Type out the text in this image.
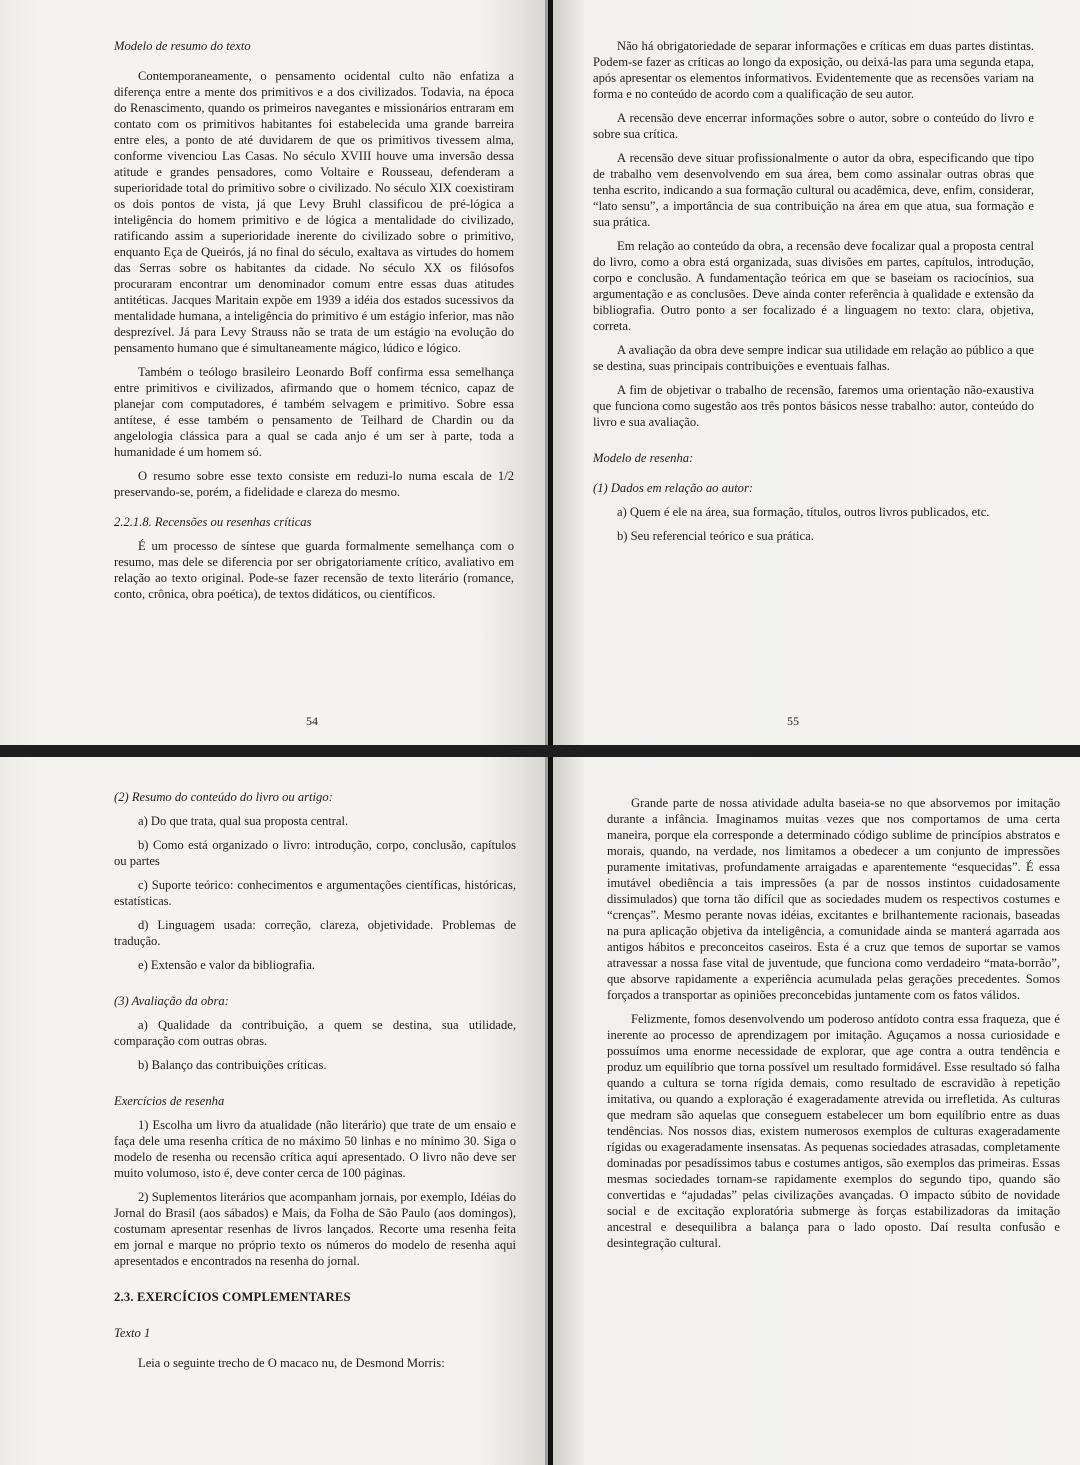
Modelo de resumo do texto

Contemporaneamente, o pensamento ocidental culto não enfatiza a diferença entre a mente dos primitivos e a dos civilizados. Todavia, na época do Renascimento, quando os primeiros navegantes e missionários entraram em contato com os primitivos habitantes foi estabelecida uma grande barreira entre eles, a ponto de até duvidarem de que os primitivos tivessem alma, conforme vivenciou Las Casas. No século XVIII houve uma inversão dessa atitude e grandes pensadores, como Voltaire e Rousseau, defenderam a superioridade total do primitivo sobre o civilizado. No século XIX coexistiram os dois pontos de vista, já que Levy Bruhl classificou de pré-lógica a inteligência do homem primitivo e de lógica a mentalidade do civilizado, ratificando assim a superioridade inerente do civilizado sobre o primitivo, enquanto Eça de Queirós, já no final do século, exaltava as virtudes do homem das Serras sobre os habitantes da cidade. No século XX os filósofos procuraram encontrar um denominador comum entre essas duas atitudes antitéticas. Jacques Maritain expõe em 1939 a idéia dos estados sucessivos da mentalidade humana, a inteligência do primitivo é um estágio inferior, mas não desprezível. Já para Levy Strauss não se trata de um estágio na evolução do pensamento humano que é simultaneamente mágico, lúdico e lógico.

Também o teólogo brasileiro Leonardo Boff confirma essa semelhança entre primitivos e civilizados, afirmando que o homem técnico, capaz de planejar com computadores, é também selvagem e primitivo. Sobre essa antítese, é esse também o pensamento de Teilhard de Chardin ou da angelologia clássica para a qual se cada anjo é um ser à parte, toda a humanidade é um homem só.

O resumo sobre esse texto consiste em reduzi-lo numa escala de 1/2 preservando-se, porém, a fidelidade e clareza do mesmo.

2.2.1.8. Recensões ou resenhas críticas

É um processo de síntese que guarda formalmente semelhança com o resumo, mas dele se diferencia por ser obrigatoriamente crítico, avaliativo em relação ao texto original. Pode-se fazer recensão de texto literário (romance, conto, crônica, obra poética), de textos didáticos, ou científicos.

54

Não há obrigatoriedade de separar informações e críticas em duas partes distintas. Podem-se fazer as críticas ao longo da exposição, ou deixá-las para uma segunda etapa, após apresentar os elementos informativos. Evidentemente que as recensões variam na forma e no conteúdo de acordo com a qualificação de seu autor.

A recensão deve encerrar informações sobre o autor, sobre o conteúdo do livro e sobre sua crítica.

A recensão deve situar profissionalmente o autor da obra, especificando que tipo de trabalho vem desenvolvendo em sua área, bem como assinalar outras obras que tenha escrito, indicando a sua formação cultural ou acadêmica, deve, enfim, considerar, “lato sensu”, a importância de sua contribuição na área em que atua, sua formação e sua prática.

Em relação ao conteúdo da obra, a recensão deve focalizar qual a proposta central do livro, como a obra está organizada, suas divisões em partes, capítulos, introdução, corpo e conclusão. A fundamentação teórica em que se baseiam os raciocínios, sua argumentação e as conclusões. Deve ainda conter referência à qualidade e extensão da bibliografia. Outro ponto a ser focalizado é a linguagem no texto: clara, objetiva, correta.

A avaliação da obra deve sempre indicar sua utilidade em relação ao público a que se destina, suas principais contribuições e eventuais falhas.

A fim de objetivar o trabalho de recensão, faremos uma orientação não-exaustiva que funciona como sugestão aos três pontos básicos nesse trabalho: autor, conteúdo do livro e sua avaliação.

Modelo de resenha:

(1) Dados em relação ao autor:

a) Quem é ele na área, sua formação, títulos, outros livros publicados, etc.

b) Seu referencial teórico e sua prática.

55

(2) Resumo do conteúdo do livro ou artigo:

a) Do que trata, qual sua proposta central.

b) Como está organizado o livro: introdução, corpo, conclusão, capítulos ou partes

c) Suporte teórico: conhecimentos e argumentações científicas, históricas, estatísticas.

d) Linguagem usada: correção, clareza, objetividade. Problemas de tradução.

e) Extensão e valor da bibliografia.

(3) Avaliação da obra:

a) Qualidade da contribuição, a quem se destina, sua utilidade, comparação com outras obras.

b) Balanço das contribuições críticas.

Exercícios de resenha

1) Escolha um livro da atualidade (não literário) que trate de um ensaio e faça dele uma resenha crítica de no máximo 50 linhas e no mínimo 30. Siga o modelo de resenha ou recensão crítica aqui apresentado. O livro não deve ser muito volumoso, isto é, deve conter cerca de 100 páginas.

2) Suplementos literários que acompanham jornais, por exemplo, Idéias do Jornal do Brasil (aos sábados) e Mais, da Folha de São Paulo (aos domingos), costumam apresentar resenhas de livros lançados. Recorte uma resenha feita em jornal e marque no próprio texto os números do modelo de resenha aqui apresentados e encontrados na resenha do jornal.

2.3. EXERCÍCIOS COMPLEMENTARES

Texto 1

Leia o seguinte trecho de O macaco nu, de Desmond Morris:

Grande parte de nossa atividade adulta baseia-se no que absorvemos por imitação durante a infância. Imaginamos muitas vezes que nos comportamos de uma certa maneira, porque ela corresponde a determinado código sublime de princípios abstratos e morais, quando, na verdade, nos limitamos a obedecer a um conjunto de impressões puramente imitativas, profundamente arraigadas e aparentemente “esquecidas”. É essa imutável obediência a tais impressões (a par de nossos instintos cuidadosamente dissimulados) que torna tão difícil que as sociedades mudem os respectivos costumes e “crenças”. Mesmo perante novas idéias, excitantes e brilhantemente racionais, baseadas na pura aplicação objetiva da inteligência, a comunidade ainda se manterá agarrada aos antigos hábitos e preconceitos caseiros. Esta é a cruz que temos de suportar se vamos atravessar a nossa fase vital de juventude, que funciona como verdadeiro “mata-borrão”, que absorve rapidamente a experiência acumulada pelas gerações precedentes. Somos forçados a transportar as opiniões preconcebidas juntamente com os fatos válidos.

Felizmente, fomos desenvolvendo um poderoso antídoto contra essa fraqueza, que é inerente ao processo de aprendizagem por imitação. Aguçamos a nossa curiosidade e possuímos uma enorme necessidade de explorar, que age contra a outra tendência e produz um equilíbrio que torna possível um resultado formidável. Esse resultado só falha quando a cultura se torna rígida demais, como resultado de escravidão à repetição imitativa, ou quando a exploração é exageradamente atrevida ou irrefletida. As culturas que medram são aquelas que conseguem estabelecer um bom equilíbrio entre as duas tendências. Nos nossos dias, existem numerosos exemplos de culturas exageradamente rígidas ou exageradamente insensatas. As pequenas sociedades atrasadas, completamente dominadas por pesadíssimos tabus e costumes antigos, são exemplos das primeiras. Essas mesmas sociedades tornam-se rapidamente exemplos do segundo tipo, quando são convertidas e “ajudadas” pelas civilizações avançadas. O impacto súbito de novidade social e de excitação exploratória submerge às forças estabilizadoras da imitação ancestral e desequilibra a balança para o lado oposto. Daí resulta confusão e desintegração cultural.
